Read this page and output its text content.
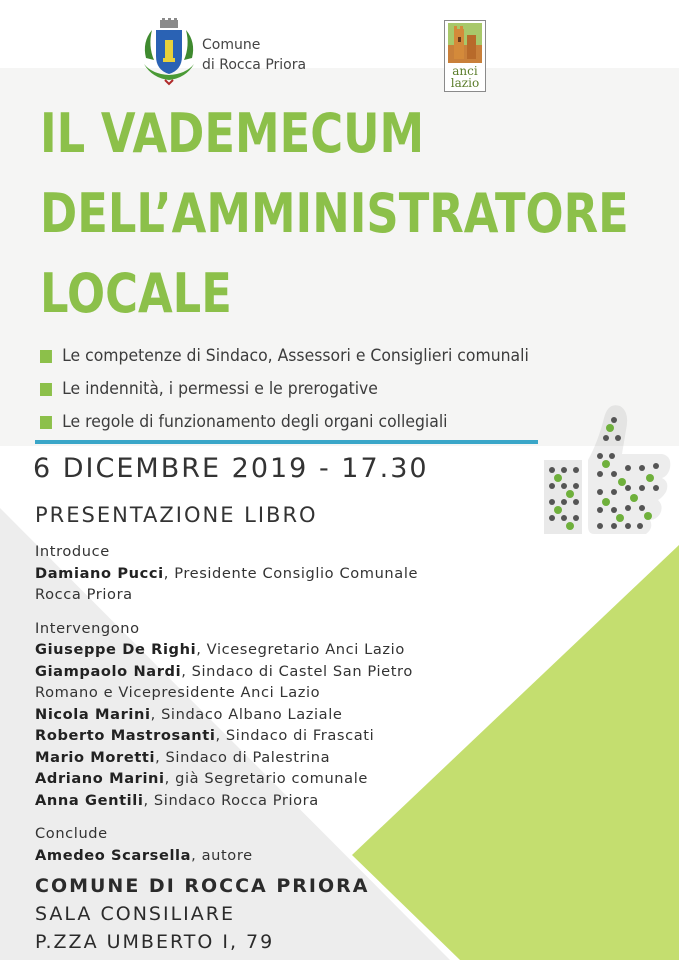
Comune
di Rocca Priora	anci
lazio
IL VADEMECUM
DELL’AMMINISTRATORE
LOCALE
Le competenze di Sindaco, Assessori e Consiglieri comunali
Le indennità, i permessi e le prerogative
Le regole di funzionamento degli organi collegiali
6 DICEMBRE 2019 - 17.30
PRESENTAZIONE LIBRO
Introduce
Damiano Pucci, Presidente Consiglio Comunale
Rocca Priora
Intervengono
Giuseppe De Righi, Vicesegretario Anci Lazio
Giampaolo Nardi, Sindaco di Castel San Pietro
Romano e Vicepresidente Anci Lazio
Nicola Marini, Sindaco Albano Laziale
Roberto Mastrosanti, Sindaco di Frascati
Mario Moretti, Sindaco di Palestrina
Adriano Marini, già Segretario comunale
Anna Gentili, Sindaco Rocca Priora
Conclude
Amedeo Scarsella, autore
COMUNE DI ROCCA PRIORA
SALA CONSILIARE
P.ZZA UMBERTO I, 79
